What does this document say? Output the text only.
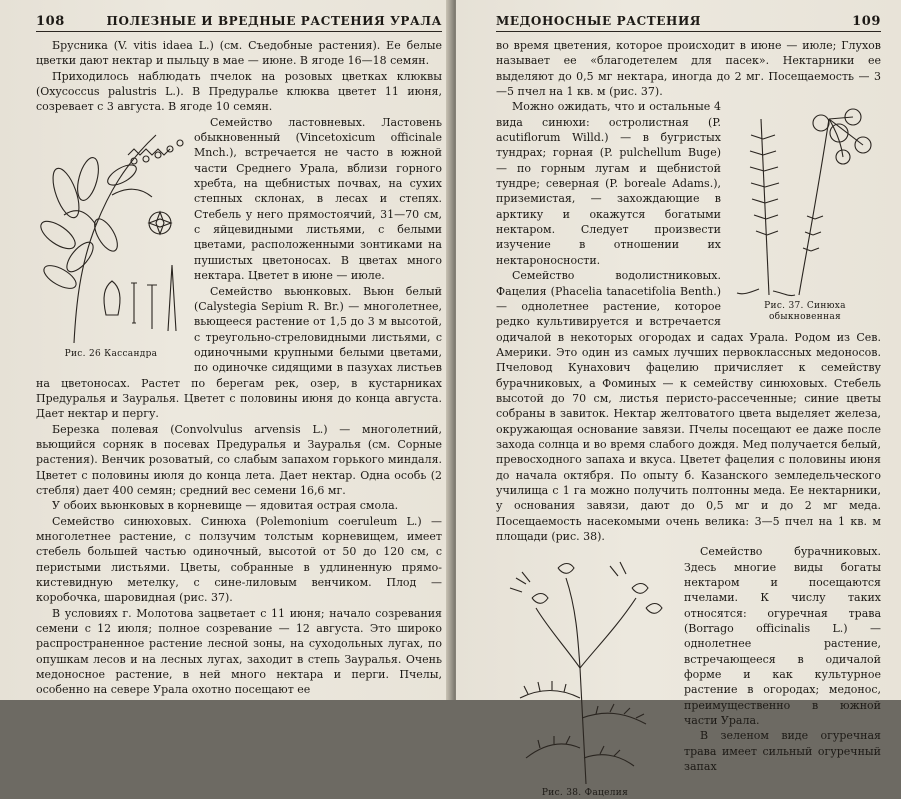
108	ПОЛЕЗНЫЕ И ВРЕДНЫЕ РАСТЕНИЯ УРАЛА

Брусника (V. vitis idaea L.) (см. Съедобные растения). Ее белые цветки дают нектар и пыльцу в мае — июне. В ягоде 16—18 семян.

Приходилось наблюдать пчелок на розовых цветках клюквы (Oxycoccus palustris L.). В Предуралье клюква цветет 11 июня, созревает с 3 августа. В ягоде 10 семян.

Рис. 26 Кассандра

Семейство ластовневых. Ластовень обыкновенный (Vincetoxicum officinale Mnch.), встречается не часто в южной части Среднего Урала, вблизи горного хребта, на щебнистых почвах, на сухих степных склонах, в лесах и степях. Стебель у него прямостоячий, 31—70 см, с яйцевидными листьями, с белыми цветами, расположенными зонтиками на пушистых цветоносах. В цветах много нектара. Цветет в июне — июле.

Семейство вьюнковых. Вьюн белый (Calystegia Sepium R. Br.) — многолетнее, вьющееся растение от 1,5 до 3 м высотой, с треугольно-стреловидными листьями, с одиночными крупными белыми цветами, по одиночке сидящими в пазухах листьев на цветоносах. Растет по берегам рек, озер, в кустарниках Предуралья и Зауралья. Цветет с половины июня до конца августа. Дает нектар и пергу.

Березка полевая (Convolvulus arvensis L.) — многолетний, вьющийся сорняк в посевах Предуралья и Зауралья (см. Сорные растения). Венчик розоватый, со слабым запахом горького миндаля. Цветет с половины июля до конца лета. Дает нектар. Одна особь (2 стебля) дает 400 семян; средний вес семени 16,6 мг.

У обоих вьюнковых в корневище — ядовитая острая смола.

Семейство синюховых. Синюха (Polemonium coeruleum L.) — многолетнее растение, с ползучим толстым корневищем, имеет стебель большей частью одиночный, высотой от 50 до 120 см, с перистыми листьями. Цветы, собранные в удлиненную прямо-кистевидную метелку, с сине-лиловым венчиком. Плод — коробочка, шаровидная (рис. 37).

В условиях г. Молотова зацветает с 11 июня; начало созревания семени с 12 июля; полное созревание — 12 августа. Это широко распространенное растение лесной зоны, на суходольных лугах, по опушкам лесов и на лесных лугах, заходит в степь Зауралья. Очень медоносное растение, в ней много нектара и перги. Пчелы, особенно на севере Урала охотно посещают ее

МЕДОНОСНЫЕ РАСТЕНИЯ	109

во время цветения, которое происходит в июне — июле; Глухов называет ее «благодетелем для пасек». Нектарники ее выделяют до 0,5 мг нектара, иногда до 2 мг. Посещаемость — 3—5 пчел на 1 кв. м (рис. 37).

Рис. 37. Синюха обыкновенная

Можно ожидать, что и остальные 4 вида синюхи: остролистная (P. acutiflorum Willd.) — в бугристых тундрах; горная (P. pulchellum Buge) — по горным лугам и щебнистой тундре; северная (P. boreale Adams.), приземистая, — захождающие в арктику и окажутся богатыми нектаром. Следует произвести изучение в отношении их нектароносности.

Семейство водолистниковых. Фацелия (Phacelia tanacetifolia Benth.) — однолетнее растение, которое редко культивируется и встречается одичалой в некоторых огородах и садах Урала. Родом из Сев. Америки. Это один из самых лучших первоклассных медоносов. Пчеловод Кунахович фацелию причисляет к семейству бурачниковых, а Фоминых — к семейству синюховых. Стебель высотой до 70 см, листья перисто-рассеченные; синие цветы собраны в завиток. Нектар желтоватого цвета выделяет железа, окружающая основание завязи. Пчелы посещают ее даже после захода солнца и во время слабого дождя. Мед получается белый, превосходного запаха и вкуса. Цветет фацелия с половины июня до начала октября. По опыту б. Казанского земледельческого училища с 1 га можно получить полтонны меда. Ее нектарники, у основания завязи, дают до 0,5 мг и до 2 мг меда. Посещаемость насекомыми очень велика: 3—5 пчел на 1 кв. м площади (рис. 38).

Рис. 38. Фацелия

Семейство бурачниковых. Здесь многие виды богаты нектаром и посещаются пчелами. К числу таких относятся: огуречная трава (Borrago officinalis L.) — однолетнее растение, встречающееся в одичалой форме и как культурное растение в огородах; медонос, преимущественно в южной части Урала.

В зеленом виде огуречная трава имеет сильный огуречный запах
